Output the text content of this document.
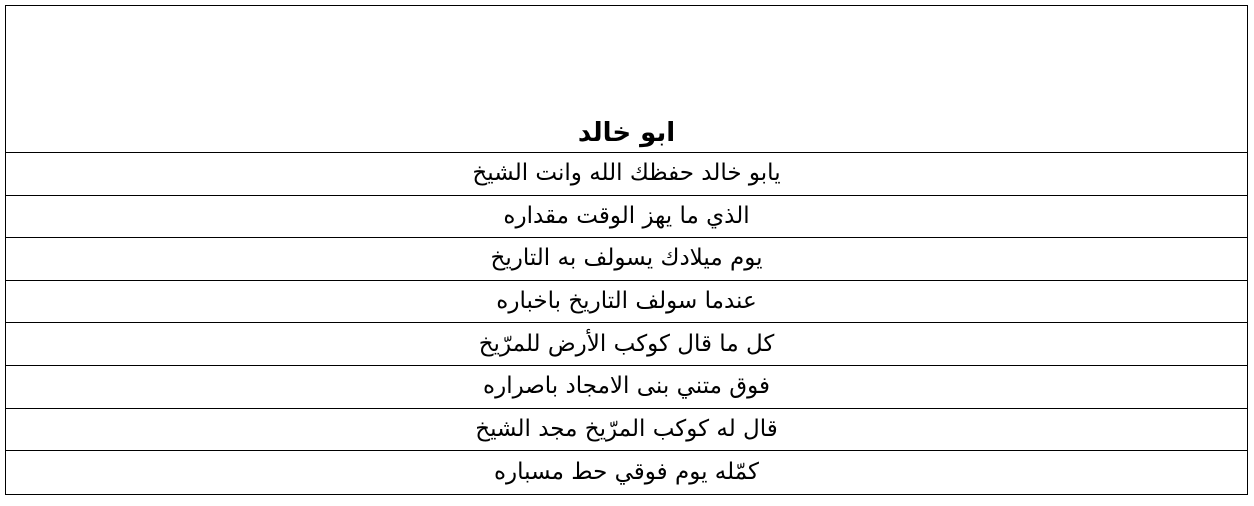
ابو خالد
يابو خالد حفظك الله وانت الشيخ
الذي ما يهز الوقت مقداره
يوم ميلادك يسولف به التاريخ
عندما سولف التاريخ باخباره
كل ما قال كوكب الأرض للمرّيخ
فوق متني بنى الامجاد باصراره
قال له كوكب المرّيخ مجد الشيخ
كمّله يوم فوقي حط مسباره
